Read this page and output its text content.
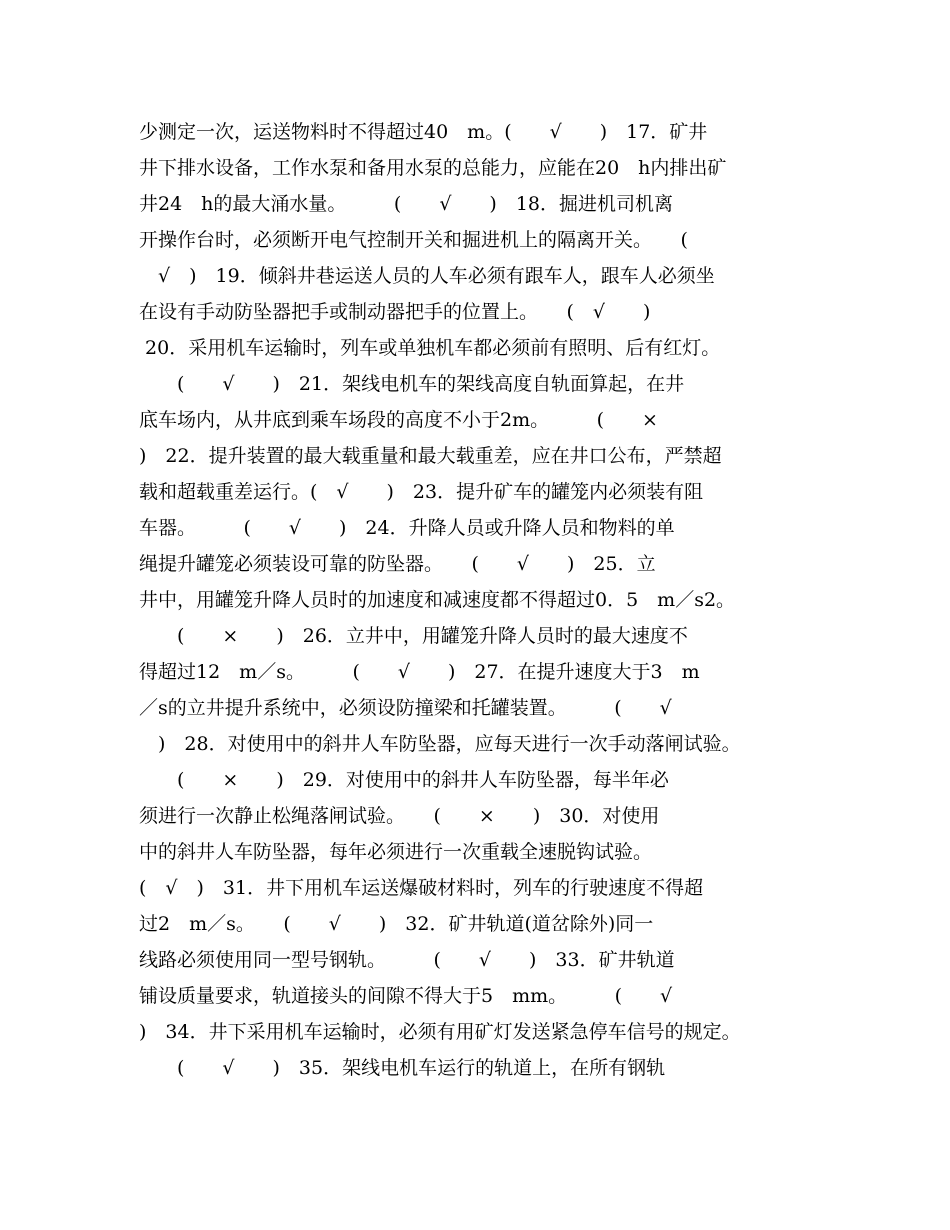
少测定一次，运送物料时不得超过40　m。(　　√　　)　17．矿井
井下排水设备，工作水泵和备用水泵的总能力，应能在20　h内排出矿
井24　h的最大涌水量。　　　(　　√　　)　18．掘进机司机离
开操作台时，必须断开电气控制开关和掘进机上的隔离开关。　　(
　√　)　19．倾斜井巷运送人员的人车必须有跟车人，跟车人必须坐
在设有手动防坠器把手或制动器把手的位置上。　　(　√　　)
20．采用机车运输时，列车或单独机车都必须前有照明、后有红灯。
　　(　　√　　)　21．架线电机车的架线高度自轨面算起，在井
底车场内，从井底到乘车场段的高度不小于2m。　　　(　　×
)　22．提升装置的最大载重量和最大载重差，应在井口公布，严禁超
载和超载重差运行。(　√　　)　23．提升矿车的罐笼内必须装有阻
车器。　　　(　　√　　)　24．升降人员或升降人员和物料的单
绳提升罐笼必须装设可靠的防坠器。　　(　　√　　)　25．立
井中，用罐笼升降人员时的加速度和减速度都不得超过0．5　m／s2。
　　(　　×　　)　26．立井中，用罐笼升降人员时的最大速度不
得超过12　m／s。　　　(　　√　　)　27．在提升速度大于3　m
／s的立井提升系统中，必须设防撞梁和托罐装置。　　　(　　√
　)　28．对使用中的斜井人车防坠器，应每天进行一次手动落闸试验。
　　(　　×　　)　29．对使用中的斜井人车防坠器，每半年必
须进行一次静止松绳落闸试验。　　(　　×　　)　30．对使用
中的斜井人车防坠器，每年必须进行一次重载全速脱钩试验。
(　√　)　31．井下用机车运送爆破材料时，列车的行驶速度不得超
过2　m／s。　　(　　√　　)　32．矿井轨道(道岔除外)同一
线路必须使用同一型号钢轨。　　　(　　√　　)　33．矿井轨道
铺设质量要求，轨道接头的间隙不得大于5　mm。　　　(　　√
)　34．井下采用机车运输时，必须有用矿灯发送紧急停车信号的规定。
　　(　　√　　)　35．架线电机车运行的轨道上，在所有钢轨
